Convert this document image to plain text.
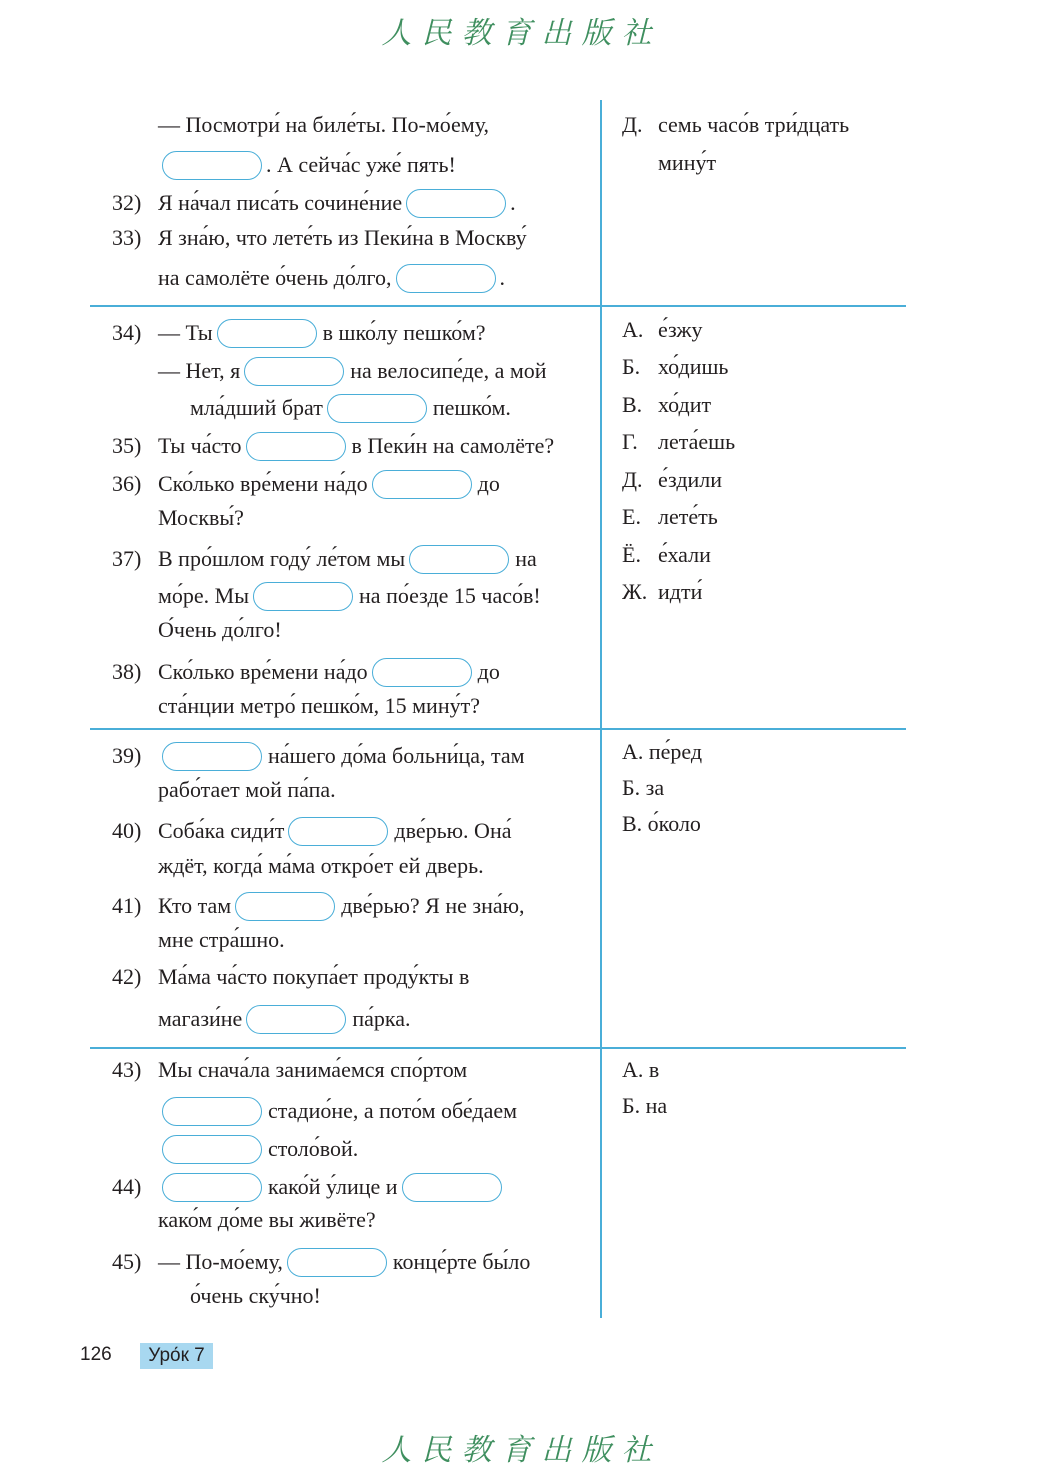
人民教育出版社
— Посмотри́ на биле́ты. По-мо́ему,
. А сейча́с уже́ пять!
32) Я на́чал писа́ть сочине́ние	.
33) Я зна́ю, что лете́ть из Пеки́на в Москву́
на самолёте о́чень до́лго,	.
34) — Ты	в шко́лу пешко́м?
— Нет, я	на велосипе́де, а мой
мла́дший брат	пешко́м.
35) Ты ча́сто	в Пеки́н на самолёте?
36) Ско́лько вре́мени на́до	до
Москвы́?
37) В про́шлом году́ ле́том мы	на
мо́ре. Мы	на по́езде 15 часо́в!
О́чень до́лго!
38) Ско́лько вре́мени на́до	до
ста́нции метро́ пешко́м, 15 мину́т?
39)	на́шего до́ма больни́ца, там
рабо́тает мой па́па.
40) Соба́ка сиди́т	две́рью. Она́
ждёт, когда́ ма́ма откро́ет ей дверь.
41) Кто там	две́рью? Я не зна́ю,
мне стра́шно.
42) Ма́ма ча́сто покупа́ет проду́кты в
магази́не	па́рка.
43) Мы снача́ла занима́емся спо́ртом
стадио́не, а пото́м обе́даем
столо́вой.
44)	како́й у́лице и
како́м до́ме вы живёте?
45) — По-мо́ему,	конце́рте бы́ло
о́чень ску́чно!
Д. семь часо́в три́дцать
мину́т
А. е́зжу
Б. хо́дишь
В. хо́дит
Г. лета́ешь
Д. е́здили
Е. лете́ть
Ё. е́хали
Ж. идти́
А. пе́ред
Б. за
В. о́коло
А. в
Б. на
126	Уро́к 7
人民教育出版社
